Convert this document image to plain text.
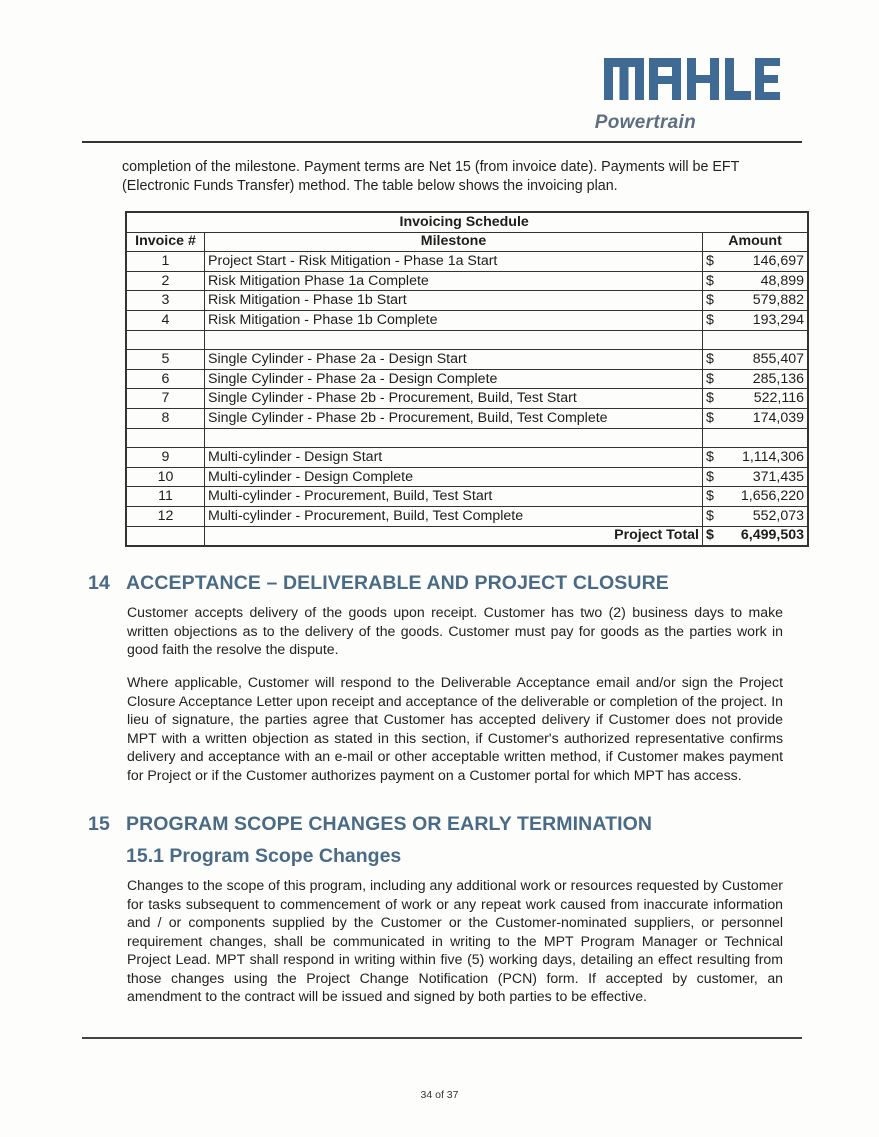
Powertrain
completion of the milestone. Payment terms are Net 15 (from invoice date). Payments will be EFT (Electronic Funds Transfer) method. The table below shows the invoicing plan.
	Invoicing Schedule	
Invoice #	Milestone	Amount
1	Project Start - Risk Mitigation - Phase 1a Start	$ 146,697

2	Risk Mitigation Phase 1a Complete	$ 48,899

3	Risk Mitigation - Phase 1b Start	$ 579,882

4	Risk Mitigation - Phase 1b Complete	$ 193,294

5	Single Cylinder - Phase 2a - Design Start	$ 855,407

6	Single Cylinder - Phase 2a - Design Complete	$ 285,136

7	Single Cylinder - Phase 2b - Procurement, Build, Test Start	$ 522,116

8	Single Cylinder - Phase 2b - Procurement, Build, Test Complete	$ 174,039

9	Multi-cylinder - Design Start	$ 1,114,306

10	Multi-cylinder - Design Complete	$ 371,435

11	Multi-cylinder - Procurement, Build, Test Start	$ 1,656,220

12	Multi-cylinder - Procurement, Build, Test Complete	$ 552,073

	Project Total	$ 6,499,503
14 ACCEPTANCE – DELIVERABLE AND PROJECT CLOSURE

Customer accepts delivery of the goods upon receipt. Customer has two (2) business days to make written objections as to the delivery of the goods. Customer must pay for goods as the parties work in good faith the resolve the dispute.

Where applicable, Customer will respond to the Deliverable Acceptance email and/or sign the Project Closure Acceptance Letter upon receipt and acceptance of the deliverable or completion of the project. In lieu of signature, the parties agree that Customer has accepted delivery if Customer does not provide MPT with a written objection as stated in this section, if Customer's authorized representative confirms delivery and acceptance with an e-mail or other acceptable written method, if Customer makes payment for Project or if the Customer authorizes payment on a Customer portal for which MPT has access.

15 PROGRAM SCOPE CHANGES OR EARLY TERMINATION
15.1 Program Scope Changes

Changes to the scope of this program, including any additional work or resources requested by Customer for tasks subsequent to commencement of work or any repeat work caused from inaccurate information and / or components supplied by the Customer or the Customer-nominated suppliers, or personnel requirement changes, shall be communicated in writing to the MPT Program Manager or Technical Project Lead. MPT shall respond in writing within five (5) working days, detailing an effect resulting from those changes using the Project Change Notification (PCN) form. If accepted by customer, an amendment to the contract will be issued and signed by both parties to be effective.

34 of 37
